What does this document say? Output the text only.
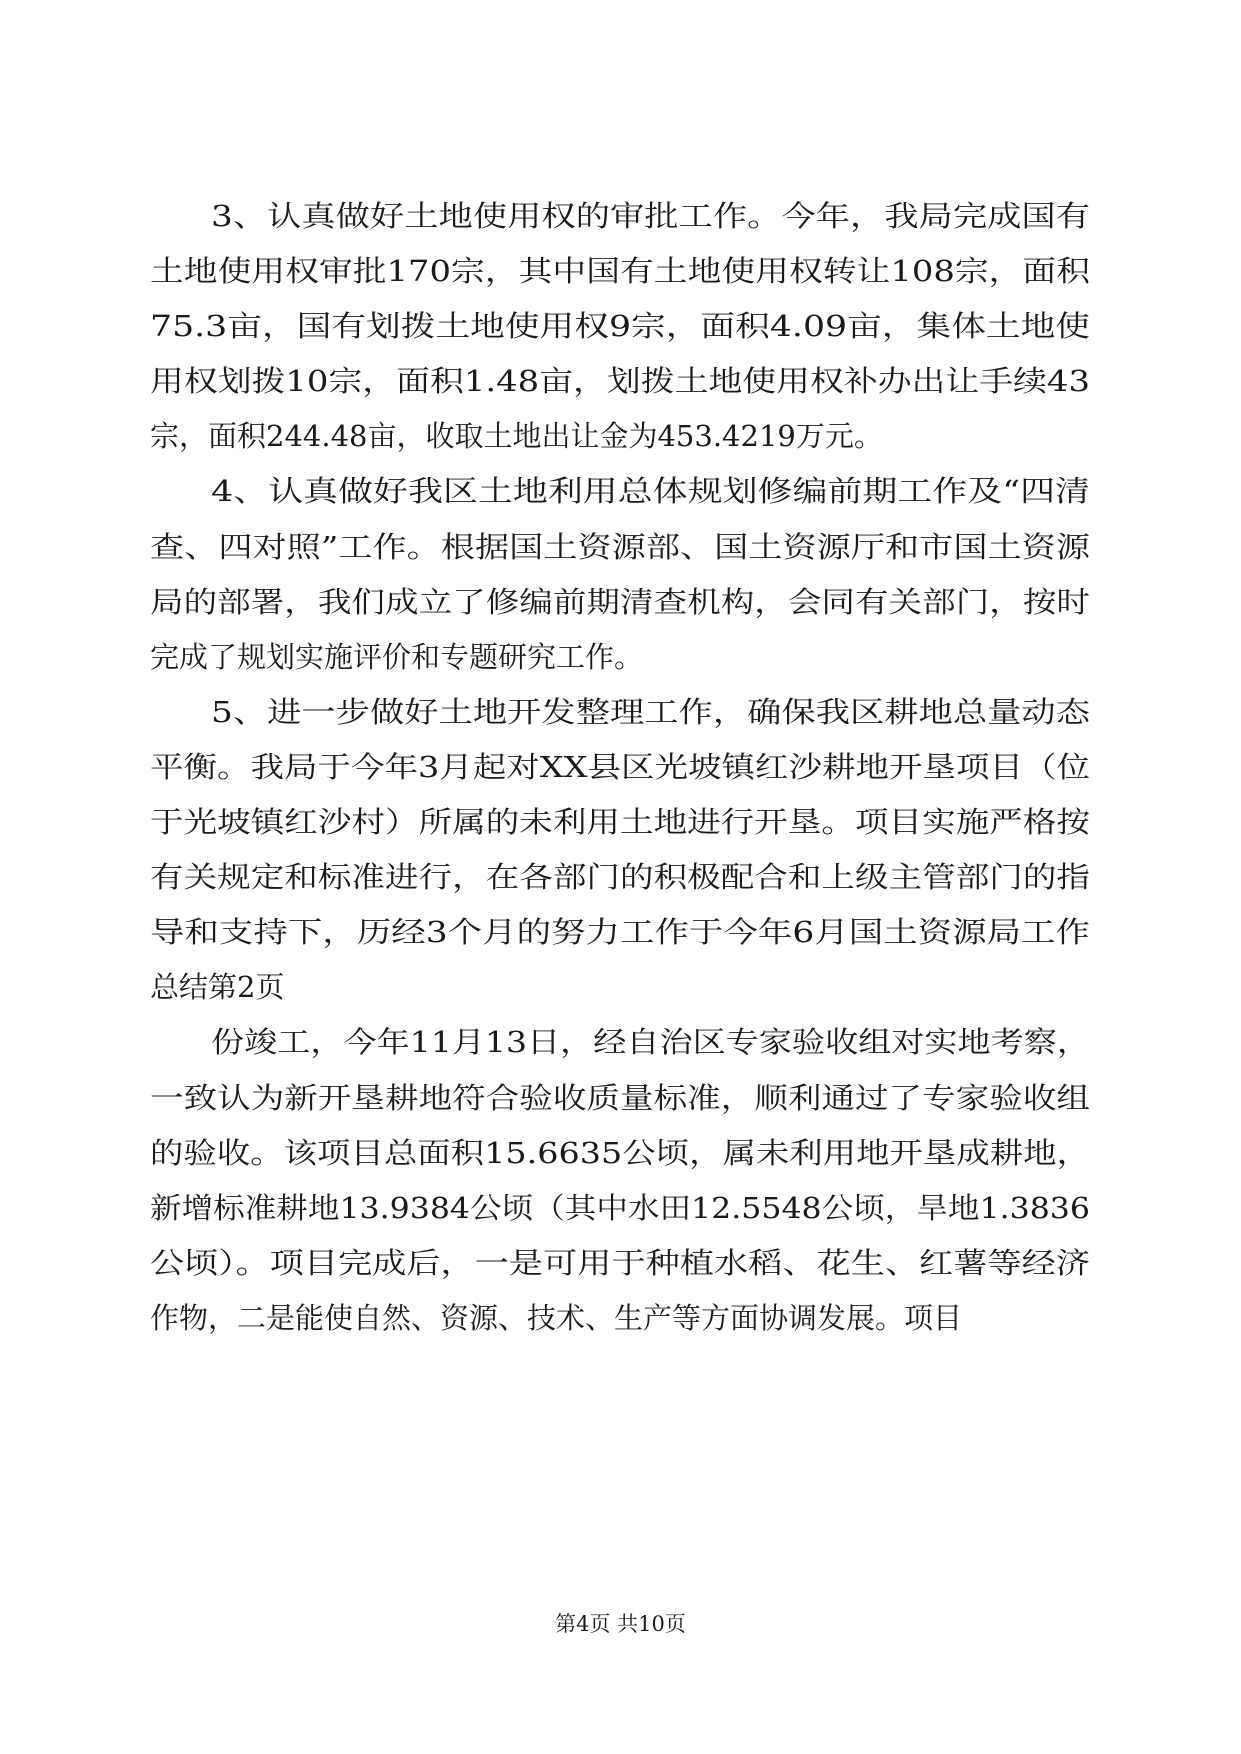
3、认真做好土地使用权的审批工作。今年，我局完成国有
土地使用权审批170宗，其中国有土地使用权转让108宗，面积
75.3亩，国有划拨土地使用权9宗，面积4.09亩，集体土地使
用权划拨10宗，面积1.48亩，划拨土地使用权补办出让手续43
宗，面积244.48亩，收取土地出让金为453.4219万元。
4、认真做好我区土地利用总体规划修编前期工作及“四清
查、四对照”工作。根据国土资源部、国土资源厅和市国土资源
局的部署，我们成立了修编前期清查机构，会同有关部门，按时
完成了规划实施评价和专题研究工作。
5、进一步做好土地开发整理工作，确保我区耕地总量动态
平衡。我局于今年3月起对XX县区光坡镇红沙耕地开垦项目（位
于光坡镇红沙村）所属的未利用土地进行开垦。项目实施严格按
有关规定和标准进行，在各部门的积极配合和上级主管部门的指
导和支持下，历经3个月的努力工作于今年6月国土资源局工作
总结第2页
份竣工，今年11月13日，经自治区专家验收组对实地考察，
一致认为新开垦耕地符合验收质量标准，顺利通过了专家验收组
的验收。该项目总面积15.6635公顷，属未利用地开垦成耕地，
新增标准耕地13.9384公顷（其中水田12.5548公顷，旱地1.3836
公顷）。项目完成后，一是可用于种植水稻、花生、红薯等经济
作物，二是能使自然、资源、技术、生产等方面协调发展。项目
第4页 共10页
